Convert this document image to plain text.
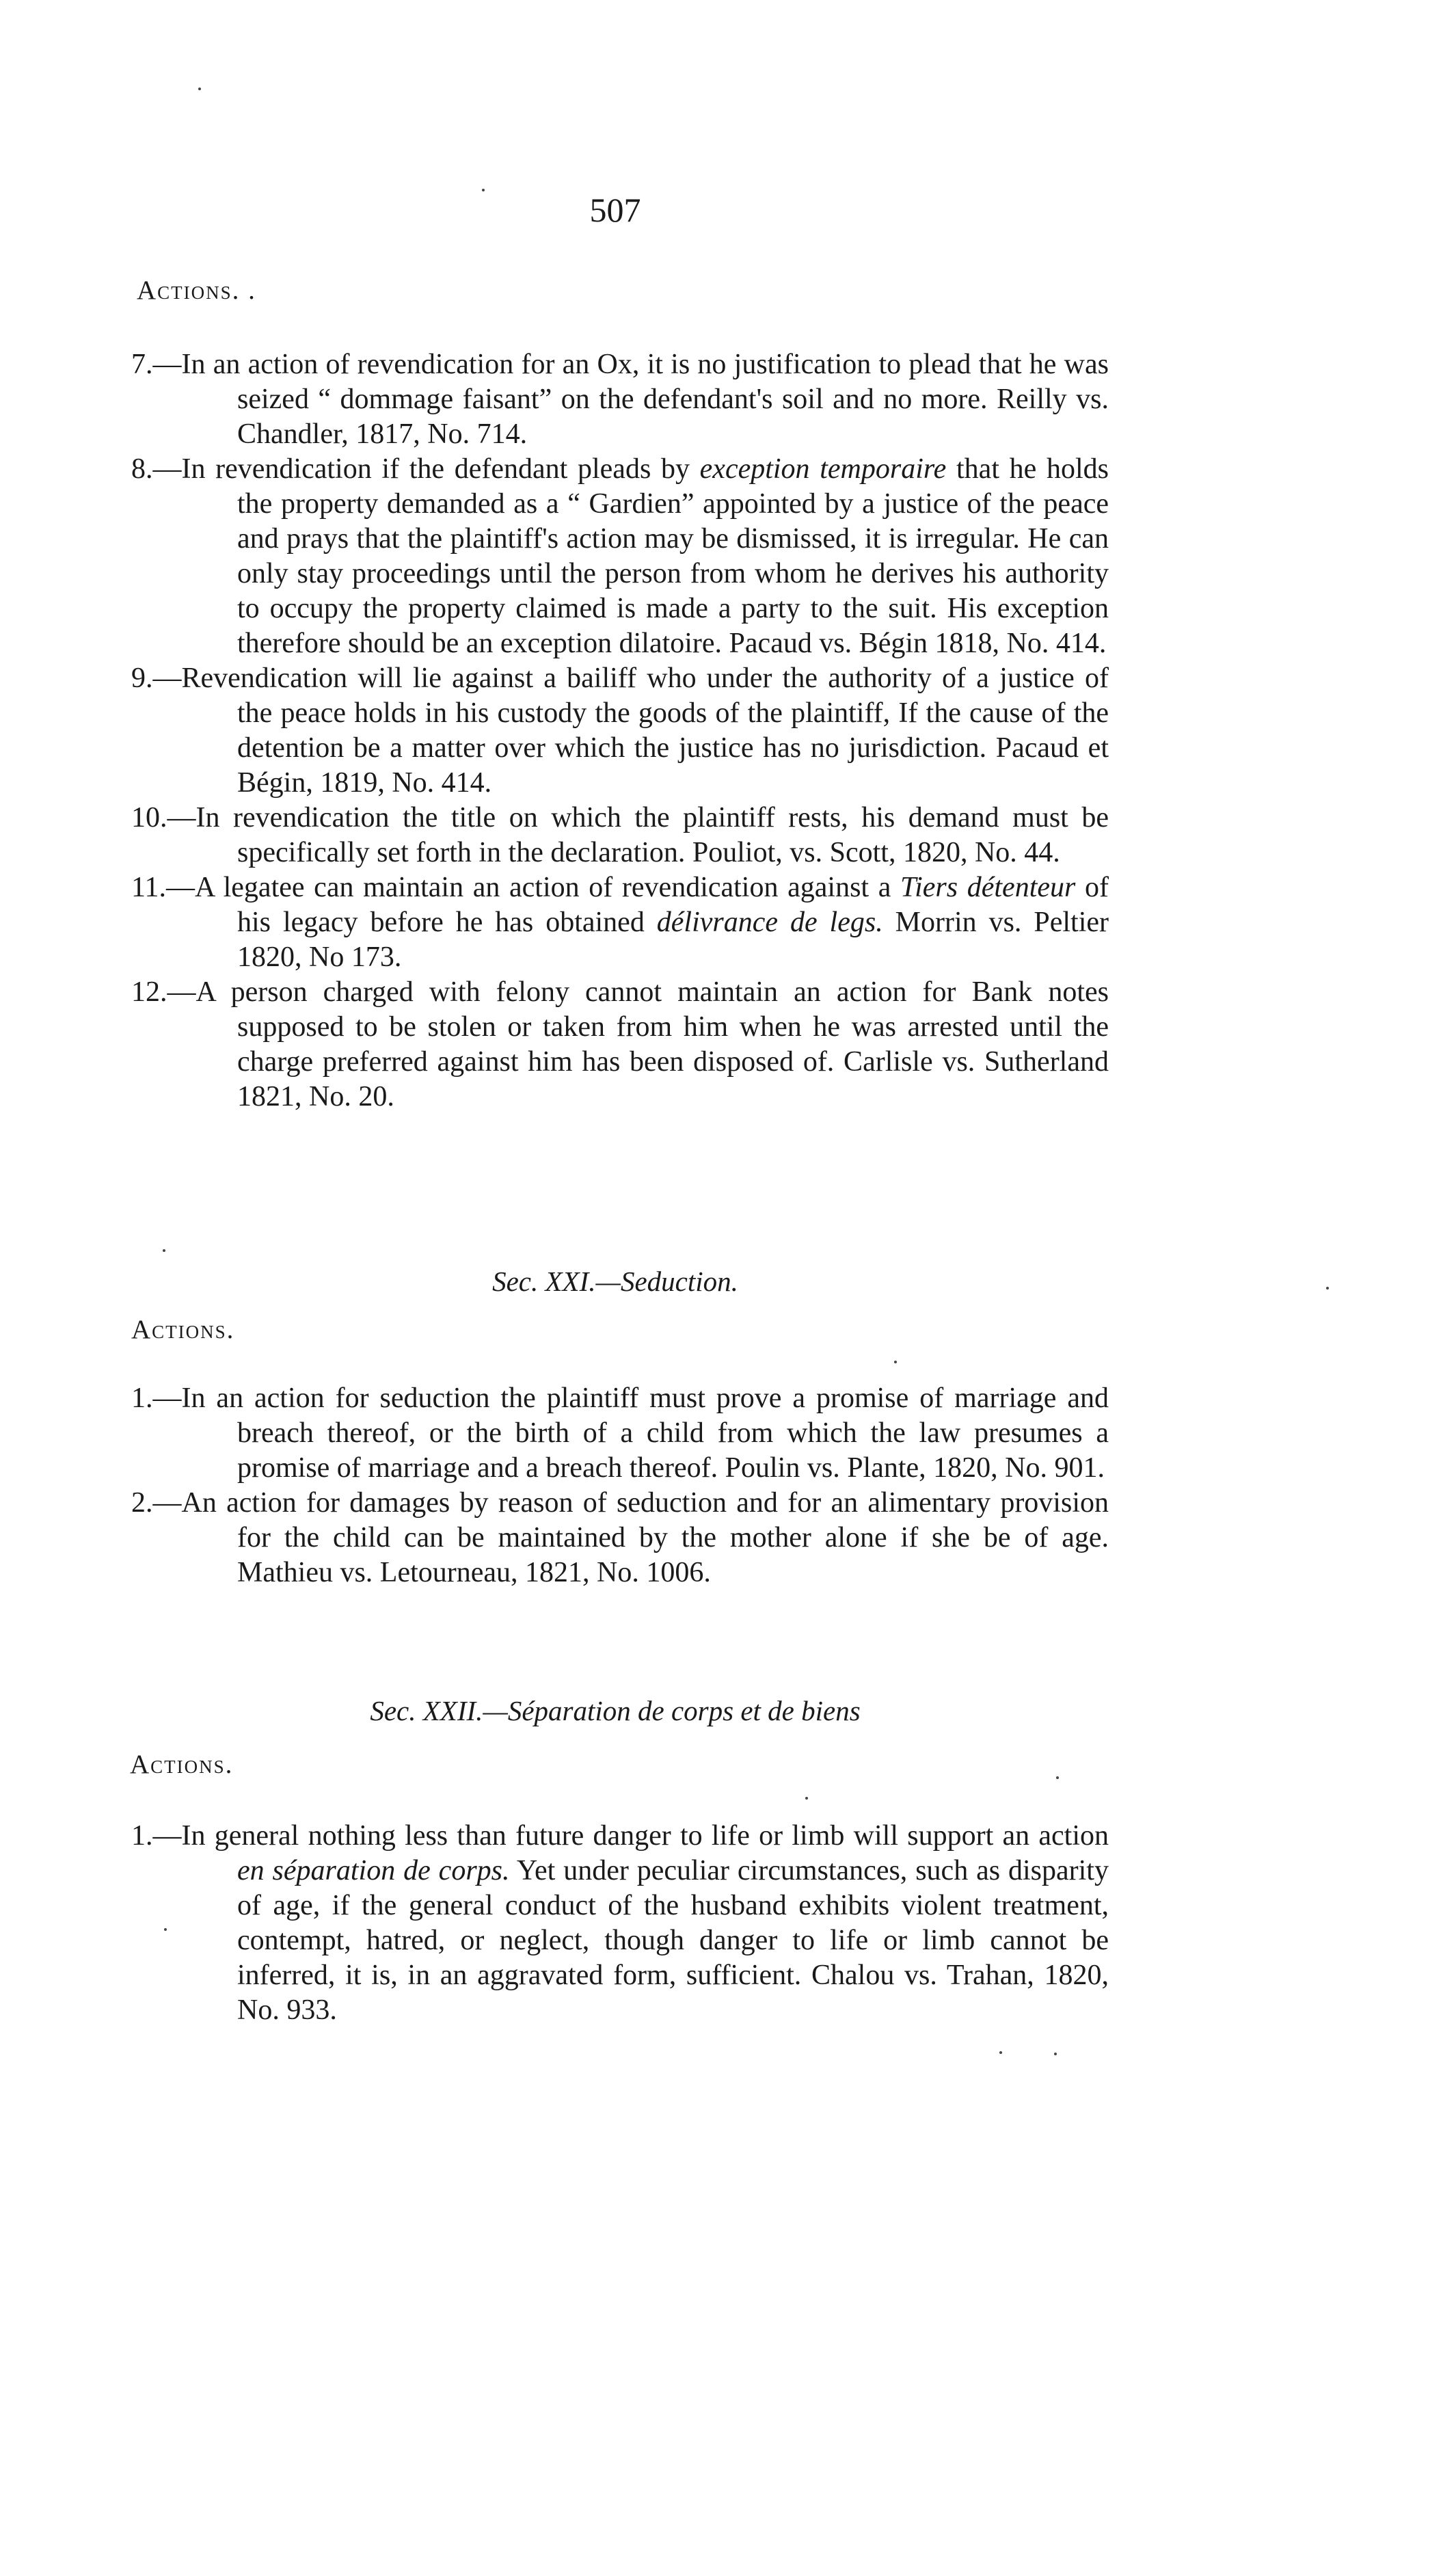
507
Actions. .

7.—In an action of revendication for an Ox, it is no justification to plead that he was seized “ dommage faisant” on the defendant's soil and no more. Reilly vs. Chandler, 1817, No. 714.

8.—In revendication if the defendant pleads by exception temporaire that he holds the property demanded as a “ Gardien” appointed by a justice of the peace and prays that the plaintiff's action may be dismissed, it is irregular. He can only stay proceedings until the person from whom he derives his authority to occupy the property claimed is made a party to the suit. His exception therefore should be an exception dilatoire. Pacaud vs. Bégin 1818, No. 414.

9.—Revendication will lie against a bailiff who under the authority of a justice of the peace holds in his custody the goods of the plaintiff, If the cause of the detention be a matter over which the justice has no jurisdiction. Pacaud et Bégin, 1819, No. 414.

10.—In revendication the title on which the plaintiff rests, his demand must be specifically set forth in the declaration. Pouliot, vs. Scott, 1820, No. 44.

11.—A legatee can maintain an action of revendication against a Tiers détenteur of his legacy before he has obtained délivrance de legs. Morrin vs. Peltier 1820, No 173.

12.—A person charged with felony cannot maintain an action for Bank notes supposed to be stolen or taken from him when he was arrested until the charge preferred against him has been disposed of. Carlisle vs. Sutherland 1821, No. 20.

Sec. XXI.—Seduction.
Actions.

1.—In an action for seduction the plaintiff must prove a promise of marriage and breach thereof, or the birth of a child from which the law presumes a promise of marriage and a breach thereof. Poulin vs. Plante, 1820, No. 901.

2.—An action for damages by reason of seduction and for an alimentary provision for the child can be maintained by the mother alone if she be of age. Mathieu vs. Letourneau, 1821, No. 1006.

Sec. XXII.—Séparation de corps et de biens
Actions.

1.—In general nothing less than future danger to life or limb will support an action en séparation de corps. Yet under peculiar circumstances, such as disparity of age, if the general conduct of the husband exhibits violent treatment, contempt, hatred, or neglect, though danger to life or limb cannot be inferred, it is, in an aggravated form, sufficient. Chalou vs. Trahan, 1820, No. 933.
